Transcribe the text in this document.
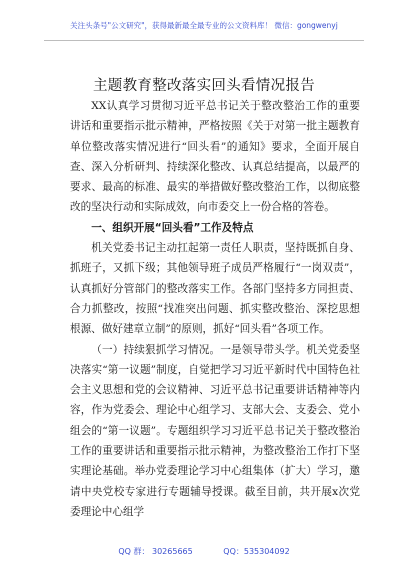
关注头条号"公文研究"，获得最新最全最专业的公文资料库！ 微信：gongwenyj
主题教育整改落实回头看情况报告

XX认真学习贯彻习近平总书记关于整改整治工作的重要讲话和重要指示批示精神，严格按照《关于对第一批主题教育单位整改落实情况进行“回头看”的通知》要求，全面开展自查、深入分析研判、持续深化整改、认真总结提高，以最严的要求、最高的标准、最实的举措做好整改整治工作，以彻底整改的坚决行动和实际成效，向市委交上一份合格的答卷。

一、组织开展“回头看”工作及特点

机关党委书记主动扛起第一责任人职责，坚持既抓自身、抓班子，又抓下级；其他领导班子成员严格履行“一岗双责”，认真抓好分管部门的整改落实工作。各部门坚持多方同担责、合力抓整改，按照“找准突出问题、抓实整改整治、深挖思想根源、做好建章立制”的原则，抓好“回头看”各项工作。

（一）持续狠抓学习情况。一是领导带头学。机关党委坚决落实“第一议题”制度，自觉把学习习近平新时代中国特色社会主义思想和党的会议精神、习近平总书记重要讲话精神等内容，作为党委会、理论中心组学习、支部大会、支委会、党小组会的“第一议题”。专题组织学习习近平总书记关于整改整治工作的重要讲话和重要指示批示精神，为整改整治工作打下坚实理论基础。举办党委理论学习中心组集体（扩大）学习，邀请中央党校专家进行专题辅导授课。截至目前，共开展x次党委理论中心组学

QQ 群： 30265665	QQ：535304092
